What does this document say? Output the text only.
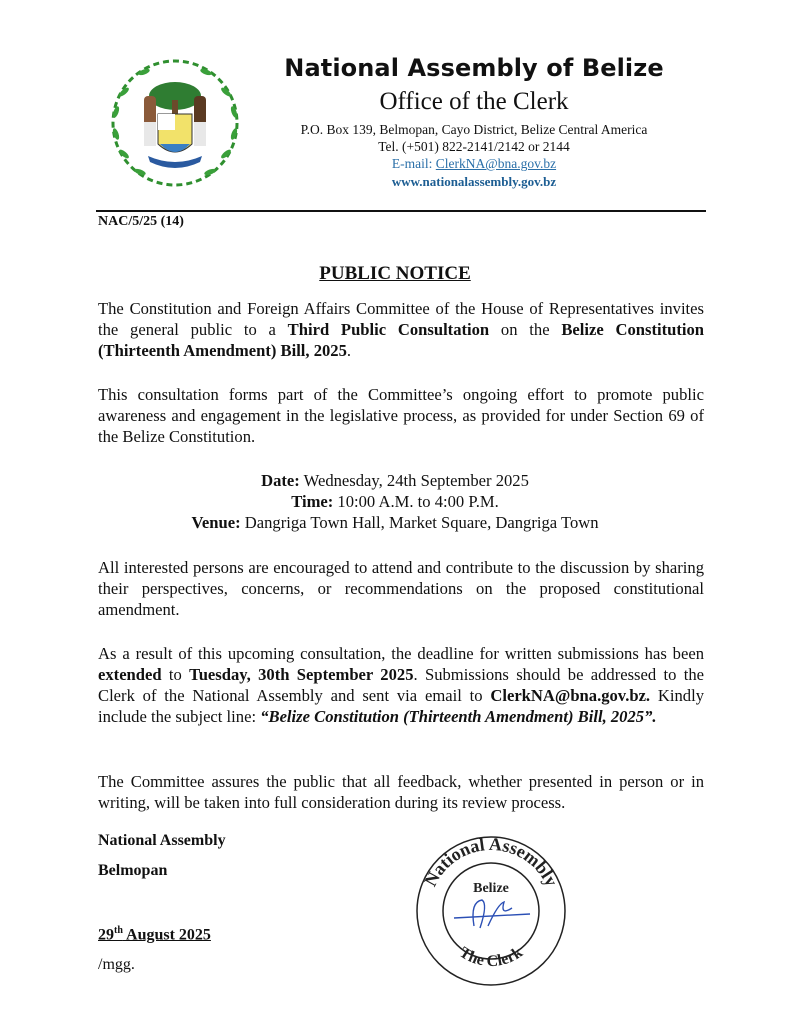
National Assembly of Belize
Office of the Clerk
P.O. Box 139, Belmopan, Cayo District, Belize Central America
Tel. (+501) 822-2141/2142 or 2144
E-mail: ClerkNA@bna.gov.bz
www.nationalassembly.gov.bz
NAC/5/25 (14)
PUBLIC NOTICE
The Constitution and Foreign Affairs Committee of the House of Representatives invites the general public to a Third Public Consultation on the Belize Constitution (Thirteenth Amendment) Bill, 2025.
This consultation forms part of the Committee’s ongoing effort to promote public awareness and engagement in the legislative process, as provided for under Section 69 of the Belize Constitution.
Date: Wednesday, 24th September 2025
Time: 10:00 A.M. to 4:00 P.M.
Venue: Dangriga Town Hall, Market Square, Dangriga Town
All interested persons are encouraged to attend and contribute to the discussion by sharing their perspectives, concerns, or recommendations on the proposed constitutional amendment.
As a result of this upcoming consultation, the deadline for written submissions has been extended to Tuesday, 30th September 2025. Submissions should be addressed to the Clerk of the National Assembly and sent via email to ClerkNA@bna.gov.bz. Kindly include the subject line: “Belize Constitution (Thirteenth Amendment) Bill, 2025”.
The Committee assures the public that all feedback, whether presented in person or in writing, will be taken into full consideration during its review process.
National Assembly
Belmopan
29th August 2025
/mgg.
National Assembly
The Clerk
Belize
